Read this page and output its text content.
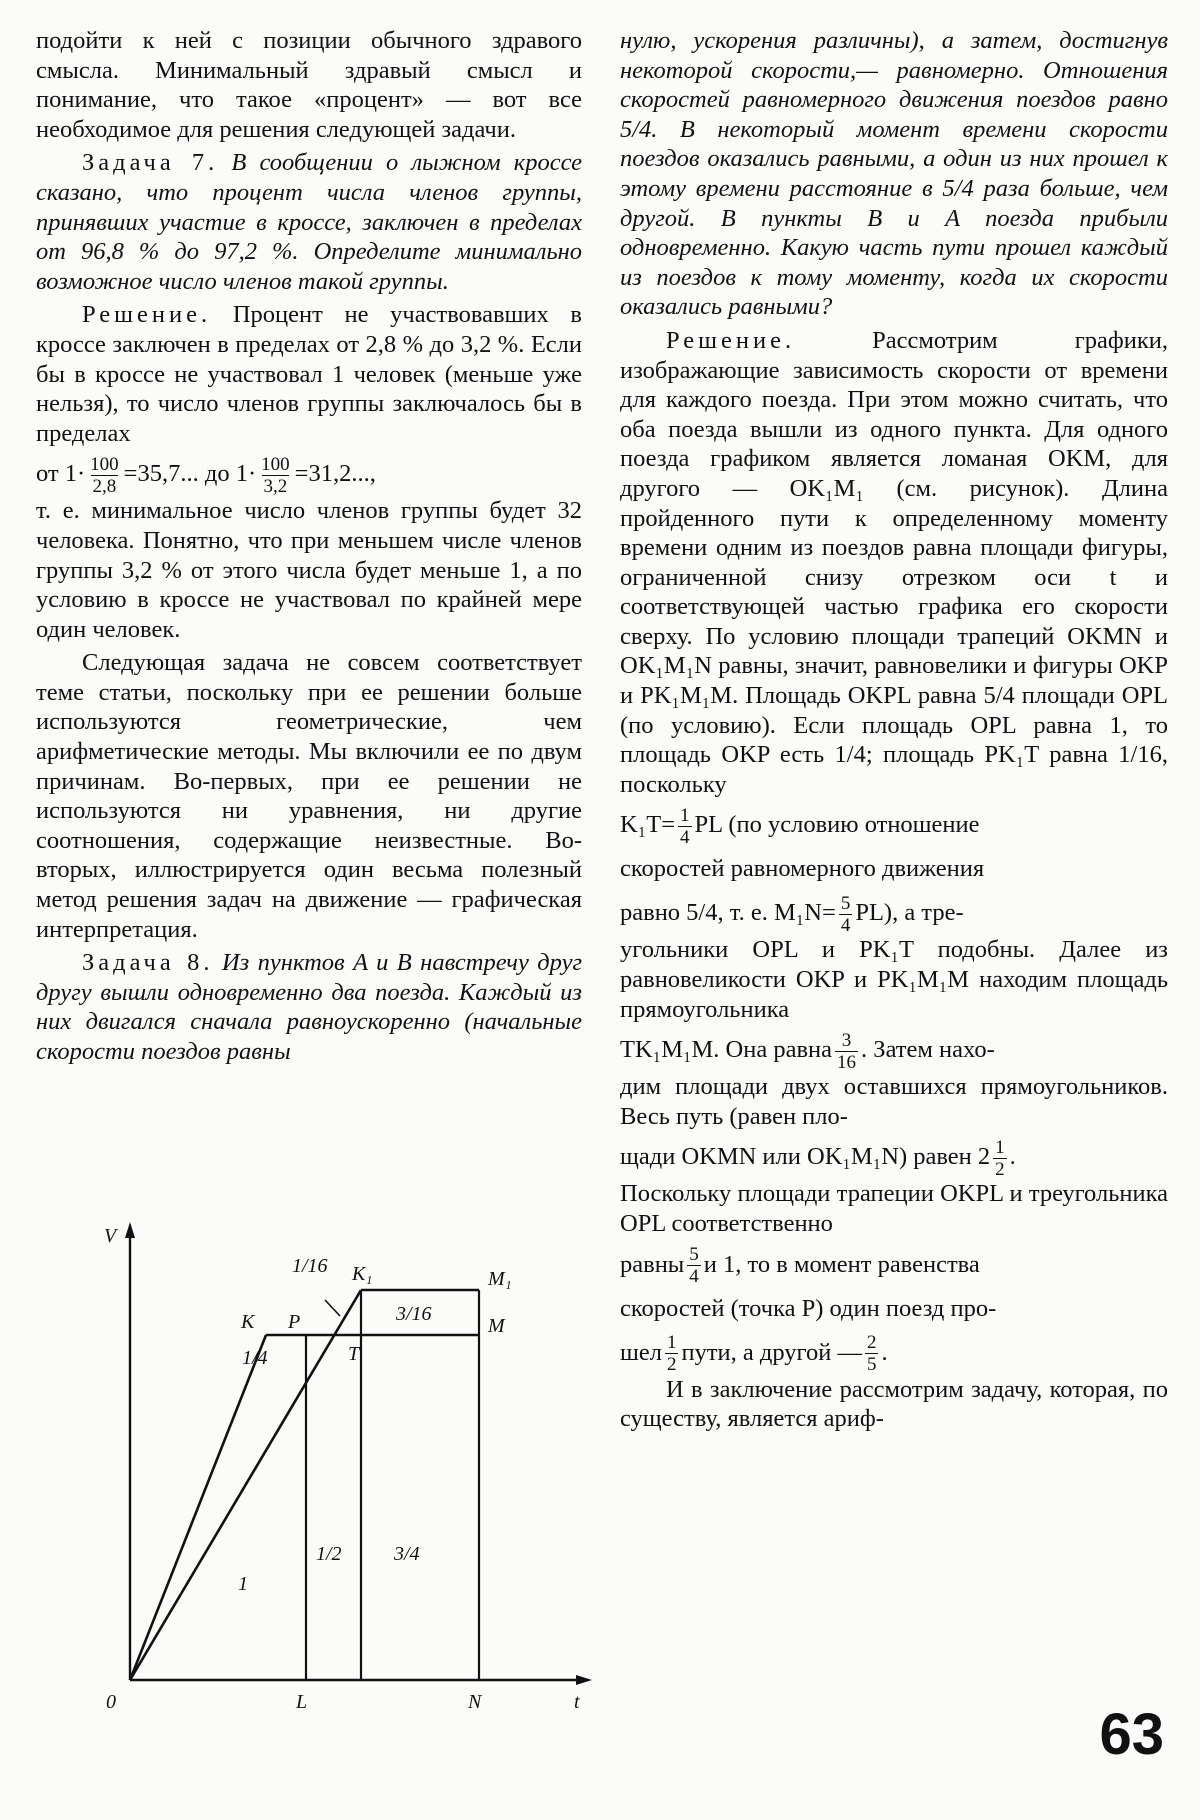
подойти к ней с позиции обычного здравого смысла. Минимальный здравый смысл и понимание, что такое «процент» — вот все необходимое для решения следующей задачи.

Задача 7. В сообщении о лыжном кроссе сказано, что процент числа членов группы, принявших участие в кроссе, заключен в пределах от 96,8 % до 97,2 %. Определите минимально возможное число членов такой группы.

Решение. Процент не участвовавших в кроссе заключен в пределах от 2,8 % до 3,2 %. Если бы в кроссе не участвовал 1 человек (меньше уже нельзя), то число членов группы заключалось бы в пределах

от $1\cdot \frac{100}{2,8} =35,7$... до $1\cdot \frac{100}{3,2} =31,2$...,

т. е. минимальное число членов группы будет 32 человека. Понятно, что при меньшем числе членов группы 3,2 % от этого числа будет меньше 1, а по условию в кроссе не участвовал по крайней мере один человек.

Следующая задача не совсем соответствует теме статьи, поскольку при ее решении больше используются геометрические, чем арифметические методы. Мы включили ее по двум причинам. Во-первых, при ее решении не используются ни уравнения, ни другие соотношения, содержащие неизвестные. Во-вторых, иллюстрируется один весьма полезный метод решения задач на движение — графическая интерпретация.

Задача 8. Из пунктов A и B навстречу друг другу вышли одновременно два поезда. Каждый из них двигался сначала равноускоренно (начальные скорости поездов равны

V
t
0
K P
K₁	M₁
M
T
L	N
1
1/4
1/16
3/16
1/2	3/4

нулю, ускорения различны), а затем, достигнув некоторой скорости,— равномерно. Отношения скоростей равномерного движения поездов равно 5/4. В некоторый момент времени скорости поездов оказались равными, а один из них прошел к этому времени расстояние в 5/4 раза больше, чем другой. В пункты B и A поезда прибыли одновременно. Какую часть пути прошел каждый из поездов к тому моменту, когда их скорости оказались равными?

Решение.	Рассмотрим графики, изображающие зависимость скорости от времени для каждого поезда. При этом можно считать, что оба поезда вышли из одного пункта. Для одного поезда графиком является ломаная OKM, для другого — OK₁M₁ (см. рисунок). Длина пройденного пути к определенному моменту времени одним из поездов равна площади фигуры, ограниченной снизу отрезком оси t и соответствующей частью графика его скорости сверху. По условию площади трапеций OKMN и OK₁M₁N равны, значит, равновелики и фигуры OKP и PK₁M₁M. Площадь OKPL равна 5/4 площади OPL (по условию). Если площадь OPL равна 1, то площадь OKP есть 1/4; площадь PK₁T равна 1/16, поскольку

$K_1T= \frac{1}{4}$ PL (по условию отношение
скоростей равномерного движения
равно 5/4, т. е. $M_1N= \frac{5}{4} PL$), а тре-

угольники OPL и PK₁T подобны. Далее из равновеликости OKP и PK₁M₁M находим площадь прямоугольника

TK₁M₁M. Она равна $\frac{3}{16}$ . Затем нахо-

дим площади двух оставшихся прямоугольников. Весь путь (равен пло-

щади OKMN или OK₁M₁N) равен $2 \frac{1}{2}$ .

Поскольку площади трапеции OKPL и треугольника OPL соответственно

равны $\frac{5}{4}$ и 1, то в момент равенства
скоростей (точка P) один поезд про-
шел $\frac{1}{2}$ пути, а другой — $\frac{2}{5}$ .

И в заключение рассмотрим задачу, которая, по существу, является ариф-

63
